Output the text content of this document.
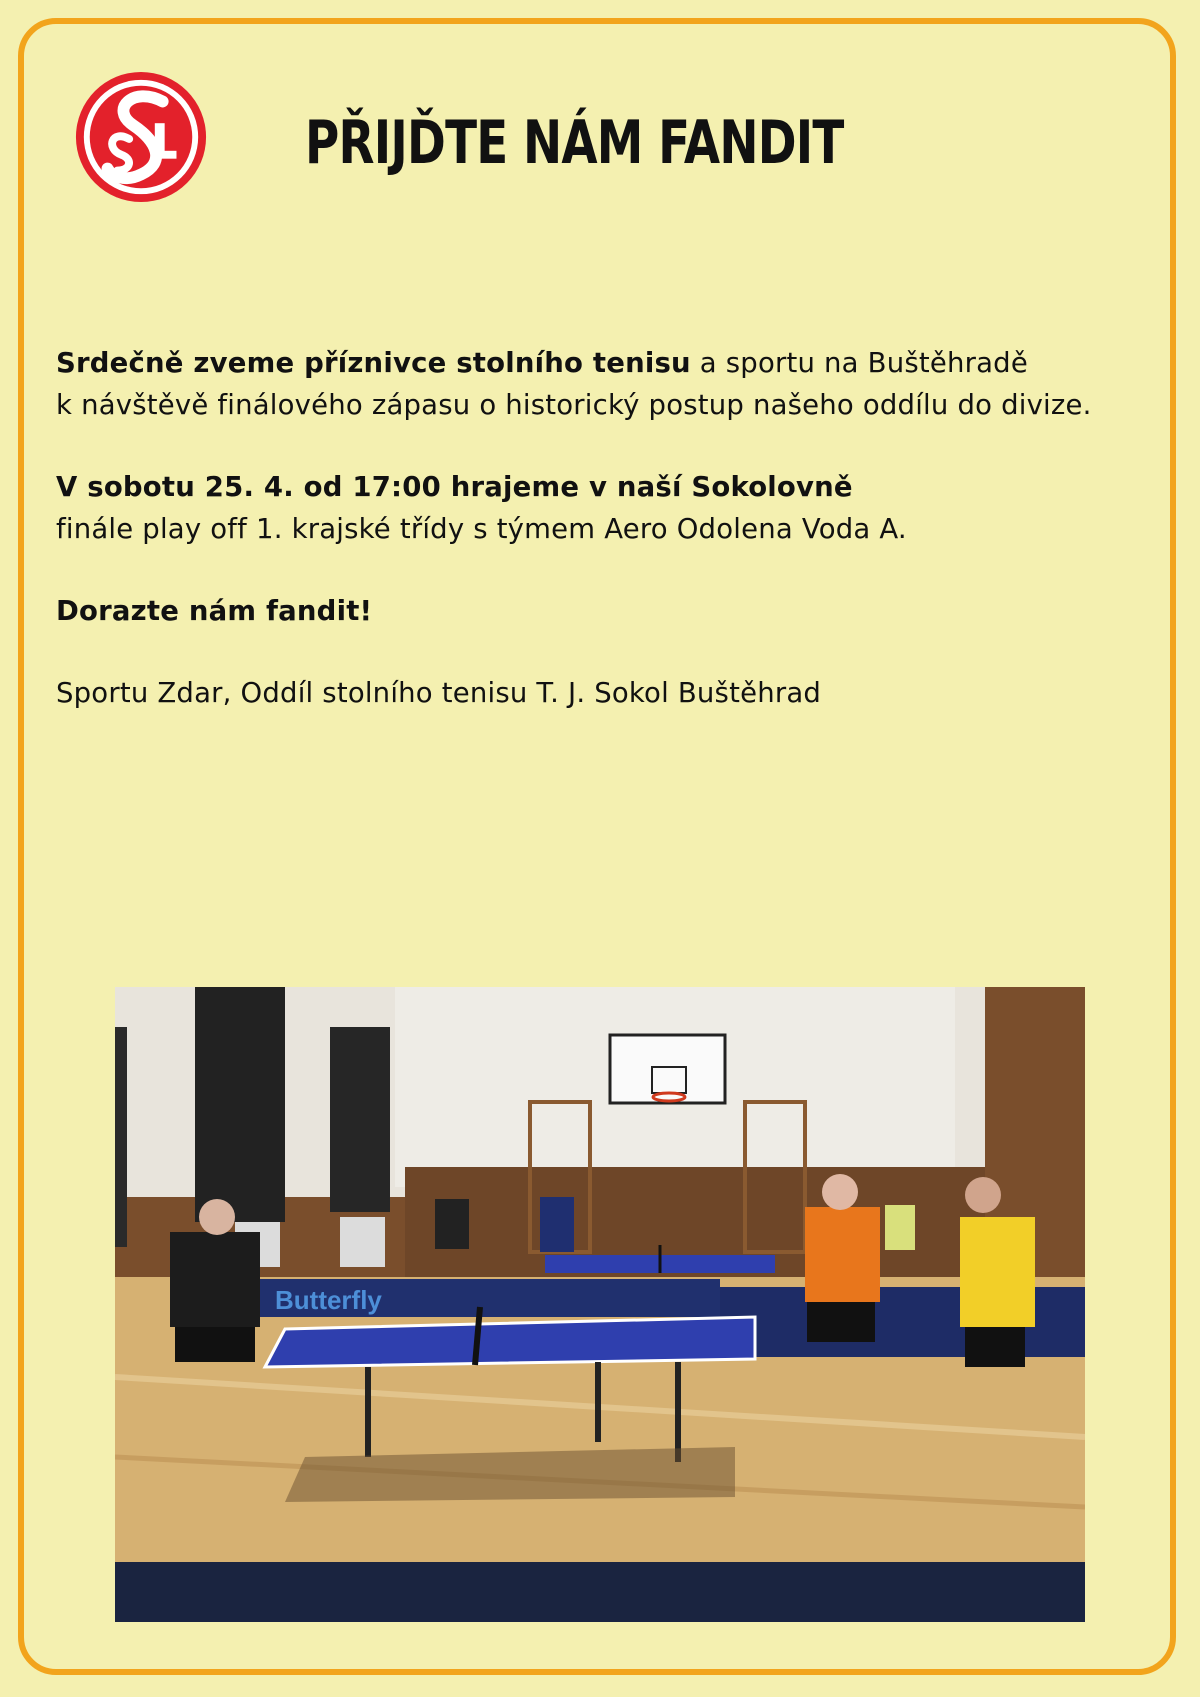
PŘIJĎTE NÁM FANDIT

Srdečně zveme příznivce stolního tenisu a sportu na Buštěhradě
k návštěvě finálového zápasu o historický postup našeho oddílu do divize.

V sobotu 25. 4. od 17:00 hrajeme v naší Sokolovně
finále play off 1. krajské třídy s týmem Aero Odolena Voda A.

Dorazte nám fandit!

Sportu Zdar, Oddíl stolního tenisu T. J. Sokol Buštěhrad

Butterfly
